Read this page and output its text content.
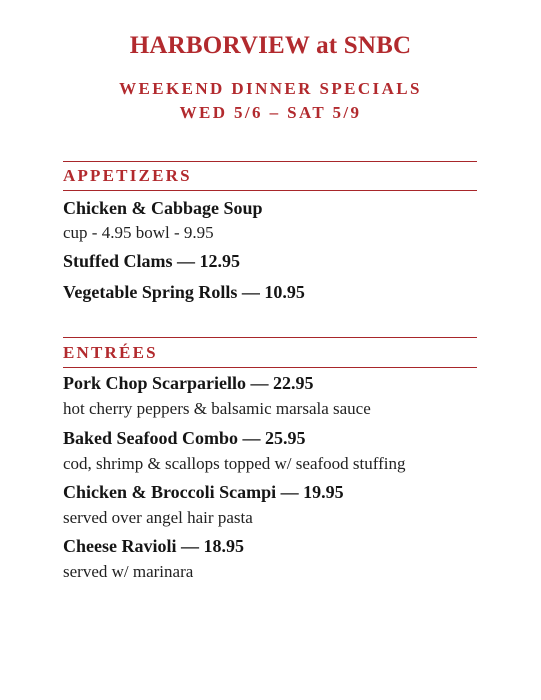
HARBORVIEW at SNBC
WEEKEND DINNER SPECIALS
WED 5/6 – SAT 5/9
APPETIZERS
Chicken & Cabbage Soup
cup - 4.95 bowl - 9.95
Stuffed Clams — 12.95
Vegetable Spring Rolls — 10.95
ENTRÉES
Pork Chop Scarpariello — 22.95
hot cherry peppers & balsamic marsala sauce
Baked Seafood Combo — 25.95
cod, shrimp & scallops topped w/ seafood stuffing
Chicken & Broccoli Scampi — 19.95
served over angel hair pasta
Cheese Ravioli — 18.95
served w/ marinara
